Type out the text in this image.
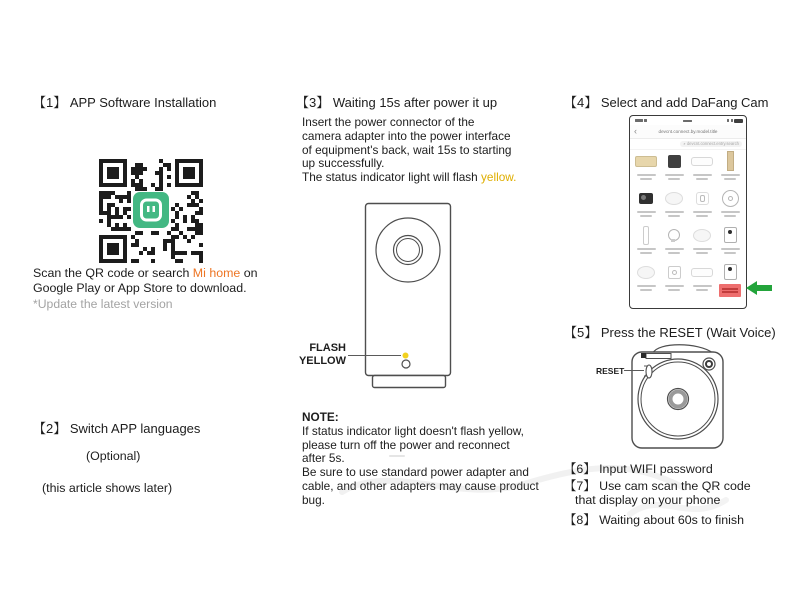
【1】 APP Software Installation

Scan the QR code or search Mi home on
Google Play or App Store to download.
*Update the latest version
【2】 Switch APP languages
(Optional)
(this article shows later)
【3】 Waiting 15s after power it up
Insert the power connector of the
camera adapter into the power interface
of equipment's back, wait 15s to starting
up successfully.
The status indicator light will flash yellow.
FLASH
YELLOW
NOTE:
If status indicator light doesn't flash yellow,
please turn off the power and reconnect
after 5s.
Be sure to use standard power adapter and
cable, and other adapters may cause product
bug.
【4】 Select and add DaFang Cam
‹	devcnt.connect.by.model.title
⌕ devcnt.connect.entry.search
【5】 Press the RESET (Wait Voice)
RESET
【6】 Input WIFI password
【7】 Use cam scan the QR code
that display on your phone
【8】 Waiting about 60s to finish
